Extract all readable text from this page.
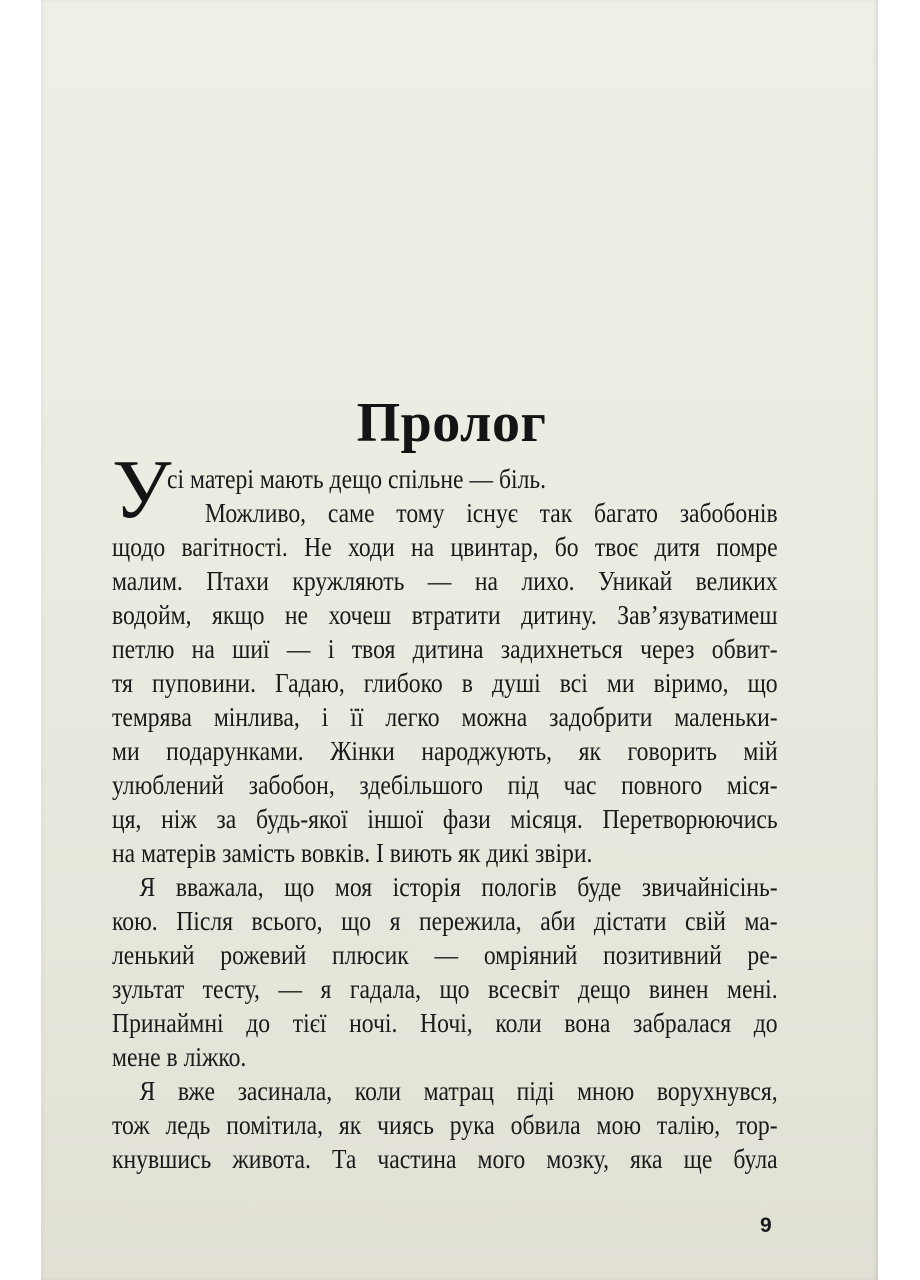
Пролог
У
сі матері мають дещо спільне — біль.
Можливо, саме тому існує так багато забобонів
щодо вагітності. Не ходи на цвинтар, бо твоє дитя помре
малим. Птахи кружляють — на лихо. Уникай великих
водойм, якщо не хочеш втратити дитину. Зав’язуватимеш
петлю на шиї — і твоя дитина задихнеться через обвит-
тя пуповини. Гадаю, глибоко в душі всі ми віримо, що
темрява мінлива, і її легко можна задобрити маленьки-
ми подарунками. Жінки народжують, як говорить мій
улюблений забобон, здебільшого під час повного міся-
ця, ніж за будь-якої іншої фази місяця. Перетворюючись
на матерів замість вовків. І виють як дикі звіри.
Я вважала, що моя історія пологів буде звичайнісінь-
кою. Після всього, що я пережила, аби дістати свій ма-
ленький рожевий плюсик — омріяний позитивний ре-
зультат тесту, — я гадала, що всесвіт дещо винен мені.
Принаймні до тієї ночі. Ночі, коли вона забралася до
мене в ліжко.
Я вже засинала, коли матрац піді мною ворухнувся,
тож ледь помітила, як чиясь рука обвила мою талію, тор-
кнувшись живота. Та частина мого мозку, яка ще була
9
